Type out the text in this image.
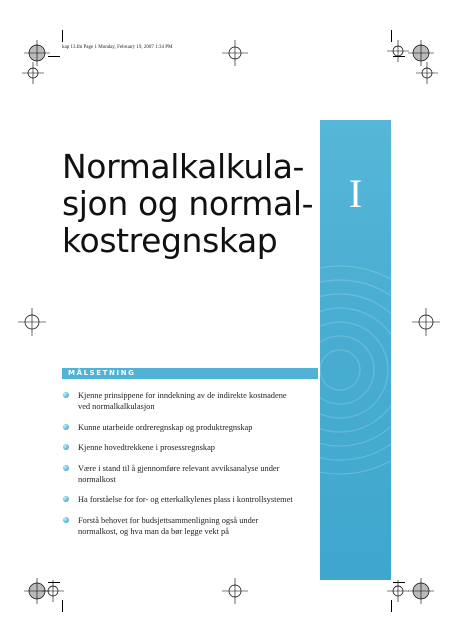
kap 13.fm Page 1 Monday, February 19, 2007 1:34 PM
Normalkalkula-
sjon og normal-
kostregnskap
I
MÅLSETNING
Kjenne prinsippene for inndekning av de indirekte kostnadene
ved normalkalkulasjon
Kunne utarbeide ordreregnskap og produktregnskap
Kjenne hovedtrekkene i prosessregnskap
Være i stand til å gjennomføre relevant avviksanalyse under
normalkost
Ha forståelse for for- og etterkalkylenes plass i kontrollsystemet
Forstå behovet for budsjettsammenligning også under
normalkost, og hva man da bør legge vekt på
